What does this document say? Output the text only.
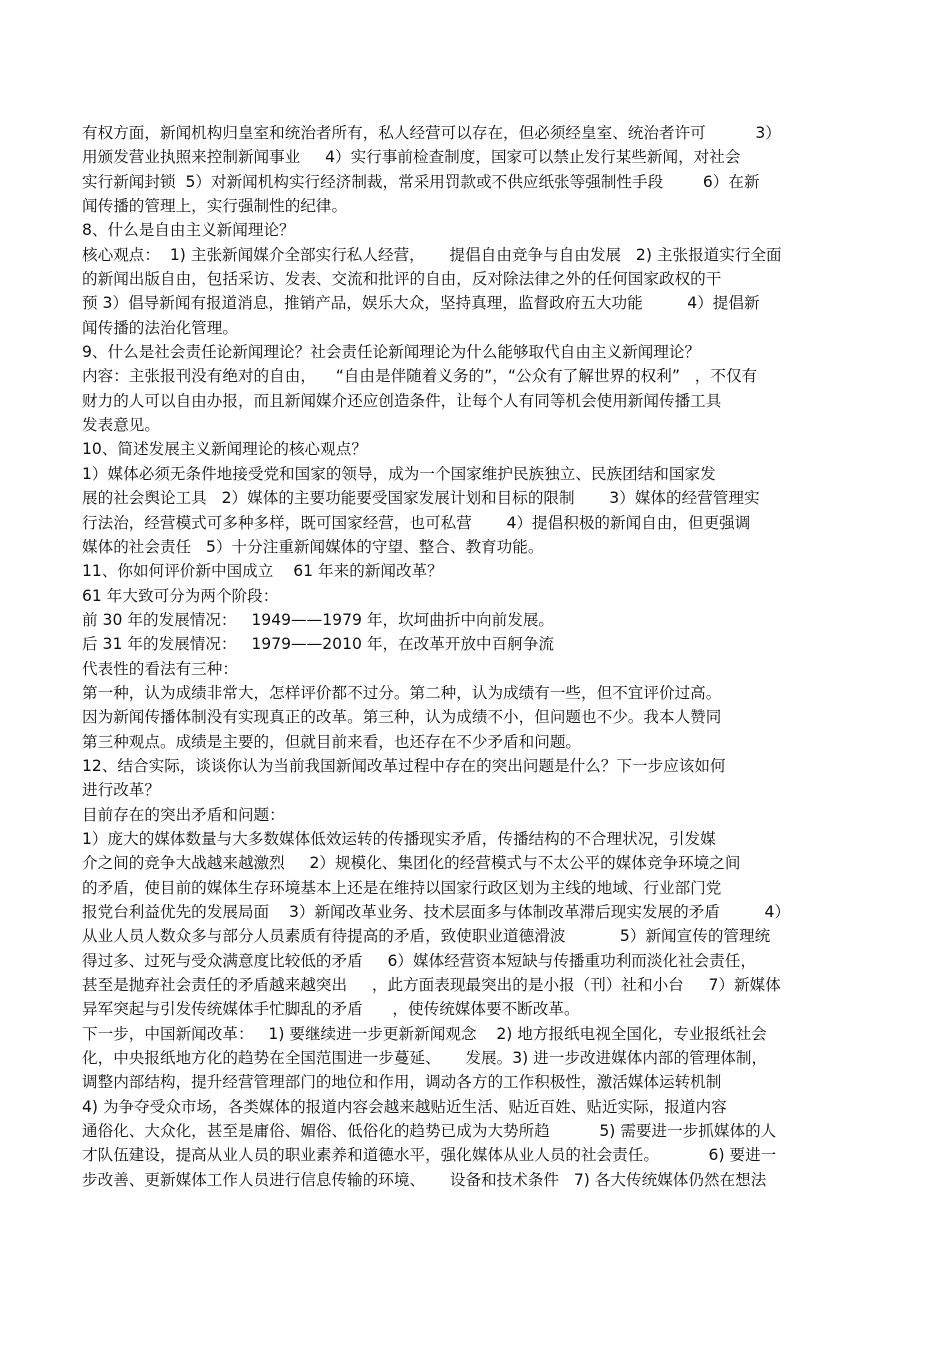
有权方面，新闻机构归皇室和统治者所有，私人经营可以存在，但必须经皇室、统治者许可          3）
用颁发营业执照来控制新闻事业     4）实行事前检查制度，国家可以禁止发行某些新闻，对社会
实行新闻封锁  5）对新闻机构实行经济制裁，常采用罚款或不供应纸张等强制性手段        6）在新
闻传播的管理上，实行强制性的纪律。
8、什么是自由主义新闻理论？
核心观点：  1) 主张新闻媒介全部实行私人经营，     提倡自由竞争与自由发展   2) 主张报道实行全面
的新闻出版自由，包括采访、发表、交流和批评的自由，反对除法律之外的任何国家政权的干
预 3）倡导新闻有报道消息，推销产品，娱乐大众，坚持真理，监督政府五大功能         4）提倡新
闻传播的法治化管理。
9、什么是社会责任论新闻理论？社会责任论新闻理论为什么能够取代自由主义新闻理论？
内容：主张报刊没有绝对的自由，    “自由是伴随着义务的”，“公众有了解世界的权利”   ，不仅有
财力的人可以自由办报，而且新闻媒介还应创造条件，让每个人有同等机会使用新闻传播工具
发表意见。
10、简述发展主义新闻理论的核心观点？
1）媒体必须无条件地接受党和国家的领导，成为一个国家维护民族独立、民族团结和国家发
展的社会舆论工具   2）媒体的主要功能要受国家发展计划和目标的限制       3）媒体的经营管理实
行法治，经营模式可多种多样，既可国家经营，也可私营       4）提倡积极的新闻自由，但更强调
媒体的社会责任   5）十分注重新闻媒体的守望、整合、教育功能。
11、你如何评价新中国成立    61 年来的新闻改革？
61 年大致可分为两个阶段：
前 30 年的发展情况：   1949——1979 年，坎坷曲折中向前发展。
后 31 年的发展情况：   1979——2010 年，在改革开放中百舸争流
代表性的看法有三种：
第一种，认为成绩非常大，怎样评价都不过分。第二种，认为成绩有一些，但不宜评价过高。
因为新闻传播体制没有实现真正的改革。第三种，认为成绩不小，但问题也不少。我本人赞同
第三种观点。成绩是主要的，但就目前来看，也还存在不少矛盾和问题。
12、结合实际，谈谈你认为当前我国新闻改革过程中存在的突出问题是什么？下一步应该如何
进行改革？
目前存在的突出矛盾和问题：
1）庞大的媒体数量与大多数媒体低效运转的传播现实矛盾，传播结构的不合理状况，引发媒
介之间的竞争大战越来越激烈     2）规模化、集团化的经营模式与不太公平的媒体竞争环境之间
的矛盾，使目前的媒体生存环境基本上还是在维持以国家行政区划为主线的地域、行业部门党
报党台利益优先的发展局面    3）新闻改革业务、技术层面多与体制改革滞后现实发展的矛盾         4）
从业人员人数众多与部分人员素质有待提高的矛盾，致使职业道德滑波           5）新闻宣传的管理统
得过多、过死与受众满意度比较低的矛盾     6）媒体经营资本短缺与传播重功利而淡化社会责任，
甚至是抛弃社会责任的矛盾越来越突出     ，此方面表现最突出的是小报（刊）社和小台     7）新媒体
异军突起与引发传统媒体手忙脚乱的矛盾      ，使传统媒体要不断改革。
下一步，中国新闻改革：   1) 要继续进一步更新新闻观念    2) 地方报纸电视全国化，专业报纸社会
化，中央报纸地方化的趋势在全国范围进一步蔓延、     发展。3) 进一步改进媒体内部的管理体制，
调整内部结构，提升经营管理部门的地位和作用，调动各方的工作积极性，激活媒体运转机制
4) 为争夺受众市场，各类媒体的报道内容会越来越贴近生活、贴近百姓、贴近实际，报道内容
通俗化、大众化，甚至是庸俗、媚俗、低俗化的趋势已成为大势所趋          5) 需要进一步抓媒体的人
才队伍建设，提高从业人员的职业素养和道德水平，强化媒体从业人员的社会责任。          6) 要进一
步改善、更新媒体工作人员进行信息传输的环境、     设备和技术条件   7) 各大传统媒体仍然在想法
